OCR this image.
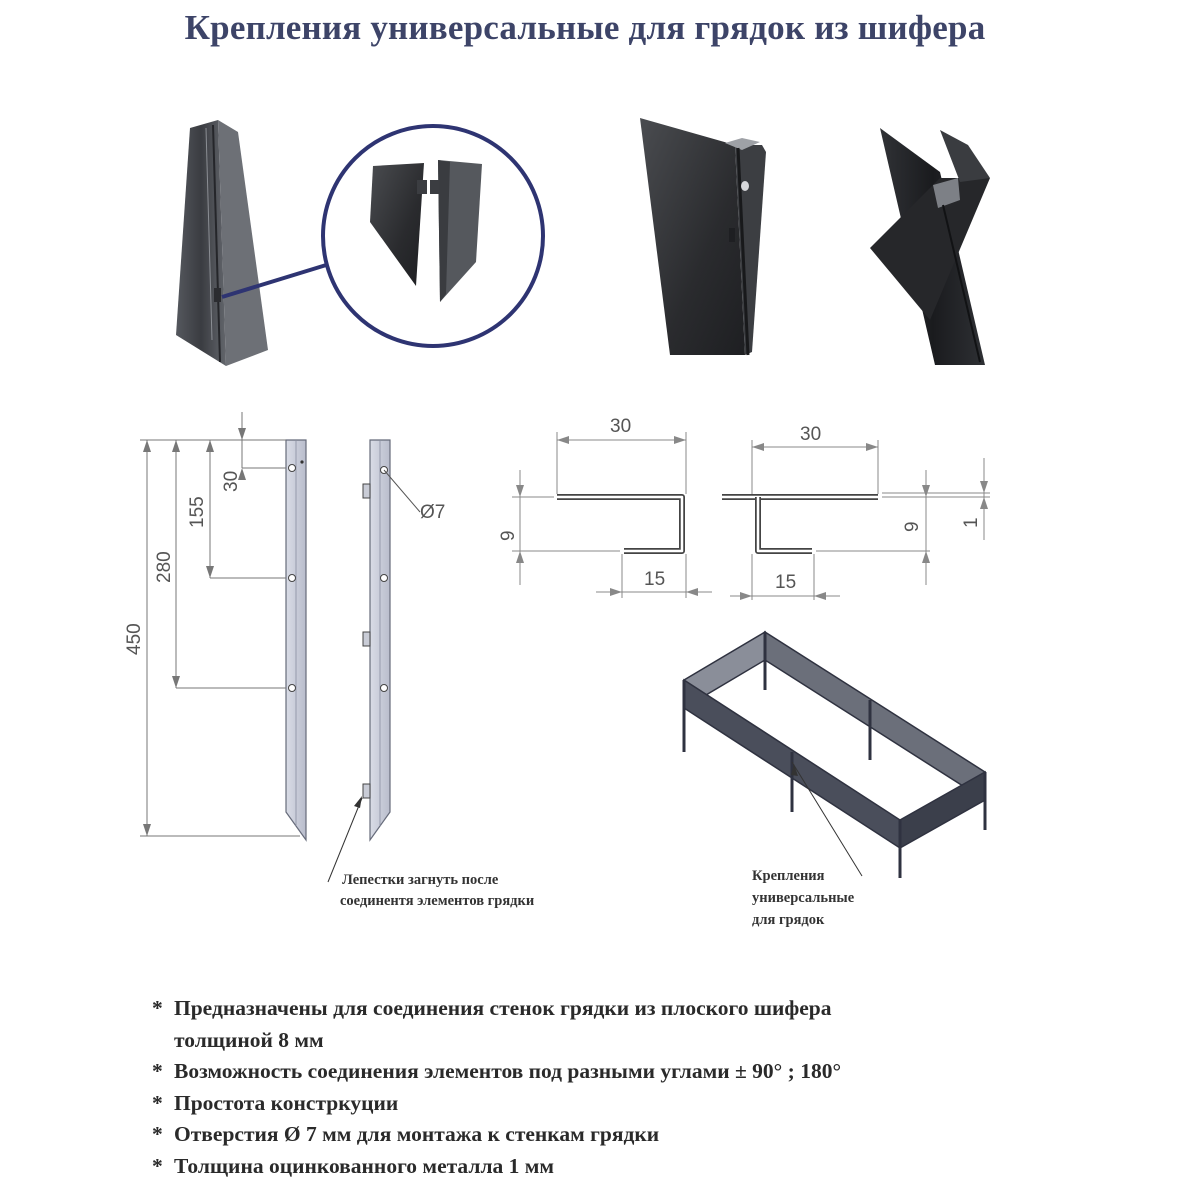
Крепления универсальные для грядок из шифера
450
280
155
30
Ø7
Лепестки загнуть после
соединентя элементов грядки
30
9
15
30
9 1
15
Крепления
универсальные
для грядок
* Предназначены для соединения стенок грядки из плоского шифера
толщиной 8 мм
* Возможность соединения элементов под разными углами ± 90° ; 180°
* Простота констркуции
* Отверстия Ø 7 мм для монтажа к стенкам грядки
* Толщина оцинкованного металла 1 мм
